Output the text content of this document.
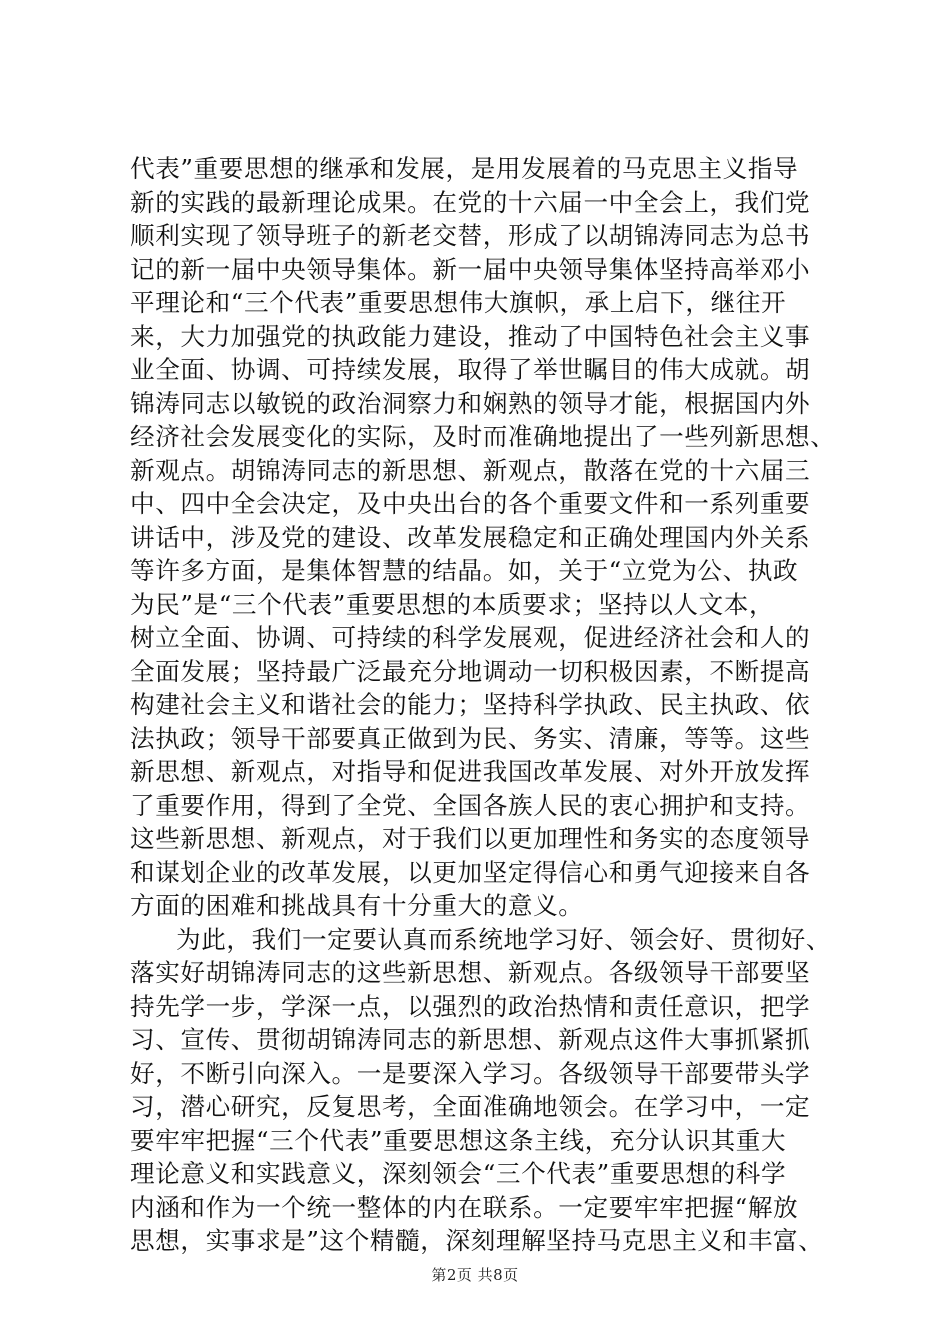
代表”重要思想的继承和发展，是用发展着的马克思主义指导
新的实践的最新理论成果。在党的十六届一中全会上，我们党
顺利实现了领导班子的新老交替，形成了以胡锦涛同志为总书
记的新一届中央领导集体。新一届中央领导集体坚持高举邓小
平理论和“三个代表”重要思想伟大旗帜，承上启下，继往开
来，大力加强党的执政能力建设，推动了中国特色社会主义事
业全面、协调、可持续发展，取得了举世瞩目的伟大成就。胡
锦涛同志以敏锐的政治洞察力和娴熟的领导才能，根据国内外
经济社会发展变化的实际，及时而准确地提出了一些列新思想、
新观点。胡锦涛同志的新思想、新观点，散落在党的十六届三
中、四中全会决定，及中央出台的各个重要文件和一系列重要
讲话中，涉及党的建设、改革发展稳定和正确处理国内外关系
等许多方面，是集体智慧的结晶。如，关于“立党为公、执政
为民”是“三个代表”重要思想的本质要求；坚持以人文本，
树立全面、协调、可持续的科学发展观，促进经济社会和人的
全面发展；坚持最广泛最充分地调动一切积极因素，不断提高
构建社会主义和谐社会的能力；坚持科学执政、民主执政、依
法执政；领导干部要真正做到为民、务实、清廉，等等。这些
新思想、新观点，对指导和促进我国改革发展、对外开放发挥
了重要作用，得到了全党、全国各族人民的衷心拥护和支持。
这些新思想、新观点，对于我们以更加理性和务实的态度领导
和谋划企业的改革发展，以更加坚定得信心和勇气迎接来自各
方面的困难和挑战具有十分重大的意义。
为此，我们一定要认真而系统地学习好、领会好、贯彻好、
落实好胡锦涛同志的这些新思想、新观点。各级领导干部要坚
持先学一步，学深一点，以强烈的政治热情和责任意识，把学
习、宣传、贯彻胡锦涛同志的新思想、新观点这件大事抓紧抓
好，不断引向深入。一是要深入学习。各级领导干部要带头学
习，潜心研究，反复思考，全面准确地领会。在学习中，一定
要牢牢把握“三个代表”重要思想这条主线，充分认识其重大
理论意义和实践意义，深刻领会“三个代表”重要思想的科学
内涵和作为一个统一整体的内在联系。一定要牢牢把握“解放
思想，实事求是”这个精髓，深刻理解坚持马克思主义和丰富、
第2页 共8页
